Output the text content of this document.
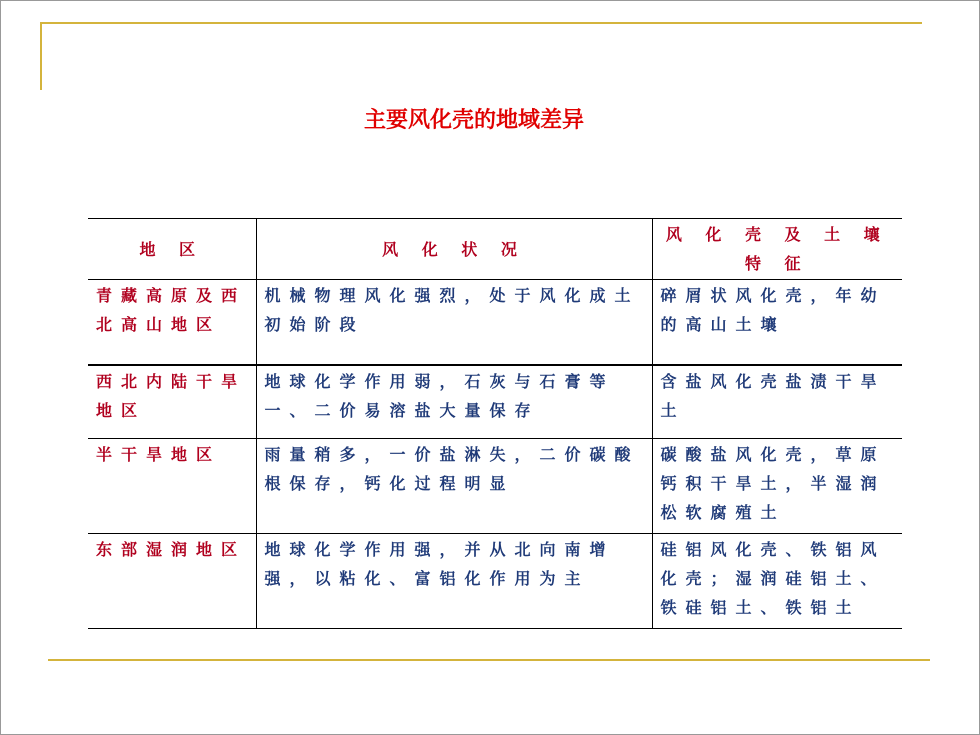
主要风化壳的地域差异
地 区	风 化 状 况	风 化 壳 及 土 壤 特 征
青藏高原及西北高山地区	机械物理风化强烈，处于风化成土初始阶段	碎屑状风化壳，年幼的高山土壤
西北内陆干旱地区	地球化学作用弱，石灰与石膏等一、二价易溶盐大量保存	含盐风化壳盐渍干旱土
半干旱地区	雨量稍多，一价盐淋失，二价碳酸根保存，钙化过程明显	碳酸盐风化壳，草原钙积干旱土，半湿润松软腐殖土
东部湿润地区	地球化学作用强，并从北向南增强，以粘化、富铝化作用为主	硅铝风化壳、铁铝风化壳；湿润硅铝土、铁硅铝土、铁铝土
